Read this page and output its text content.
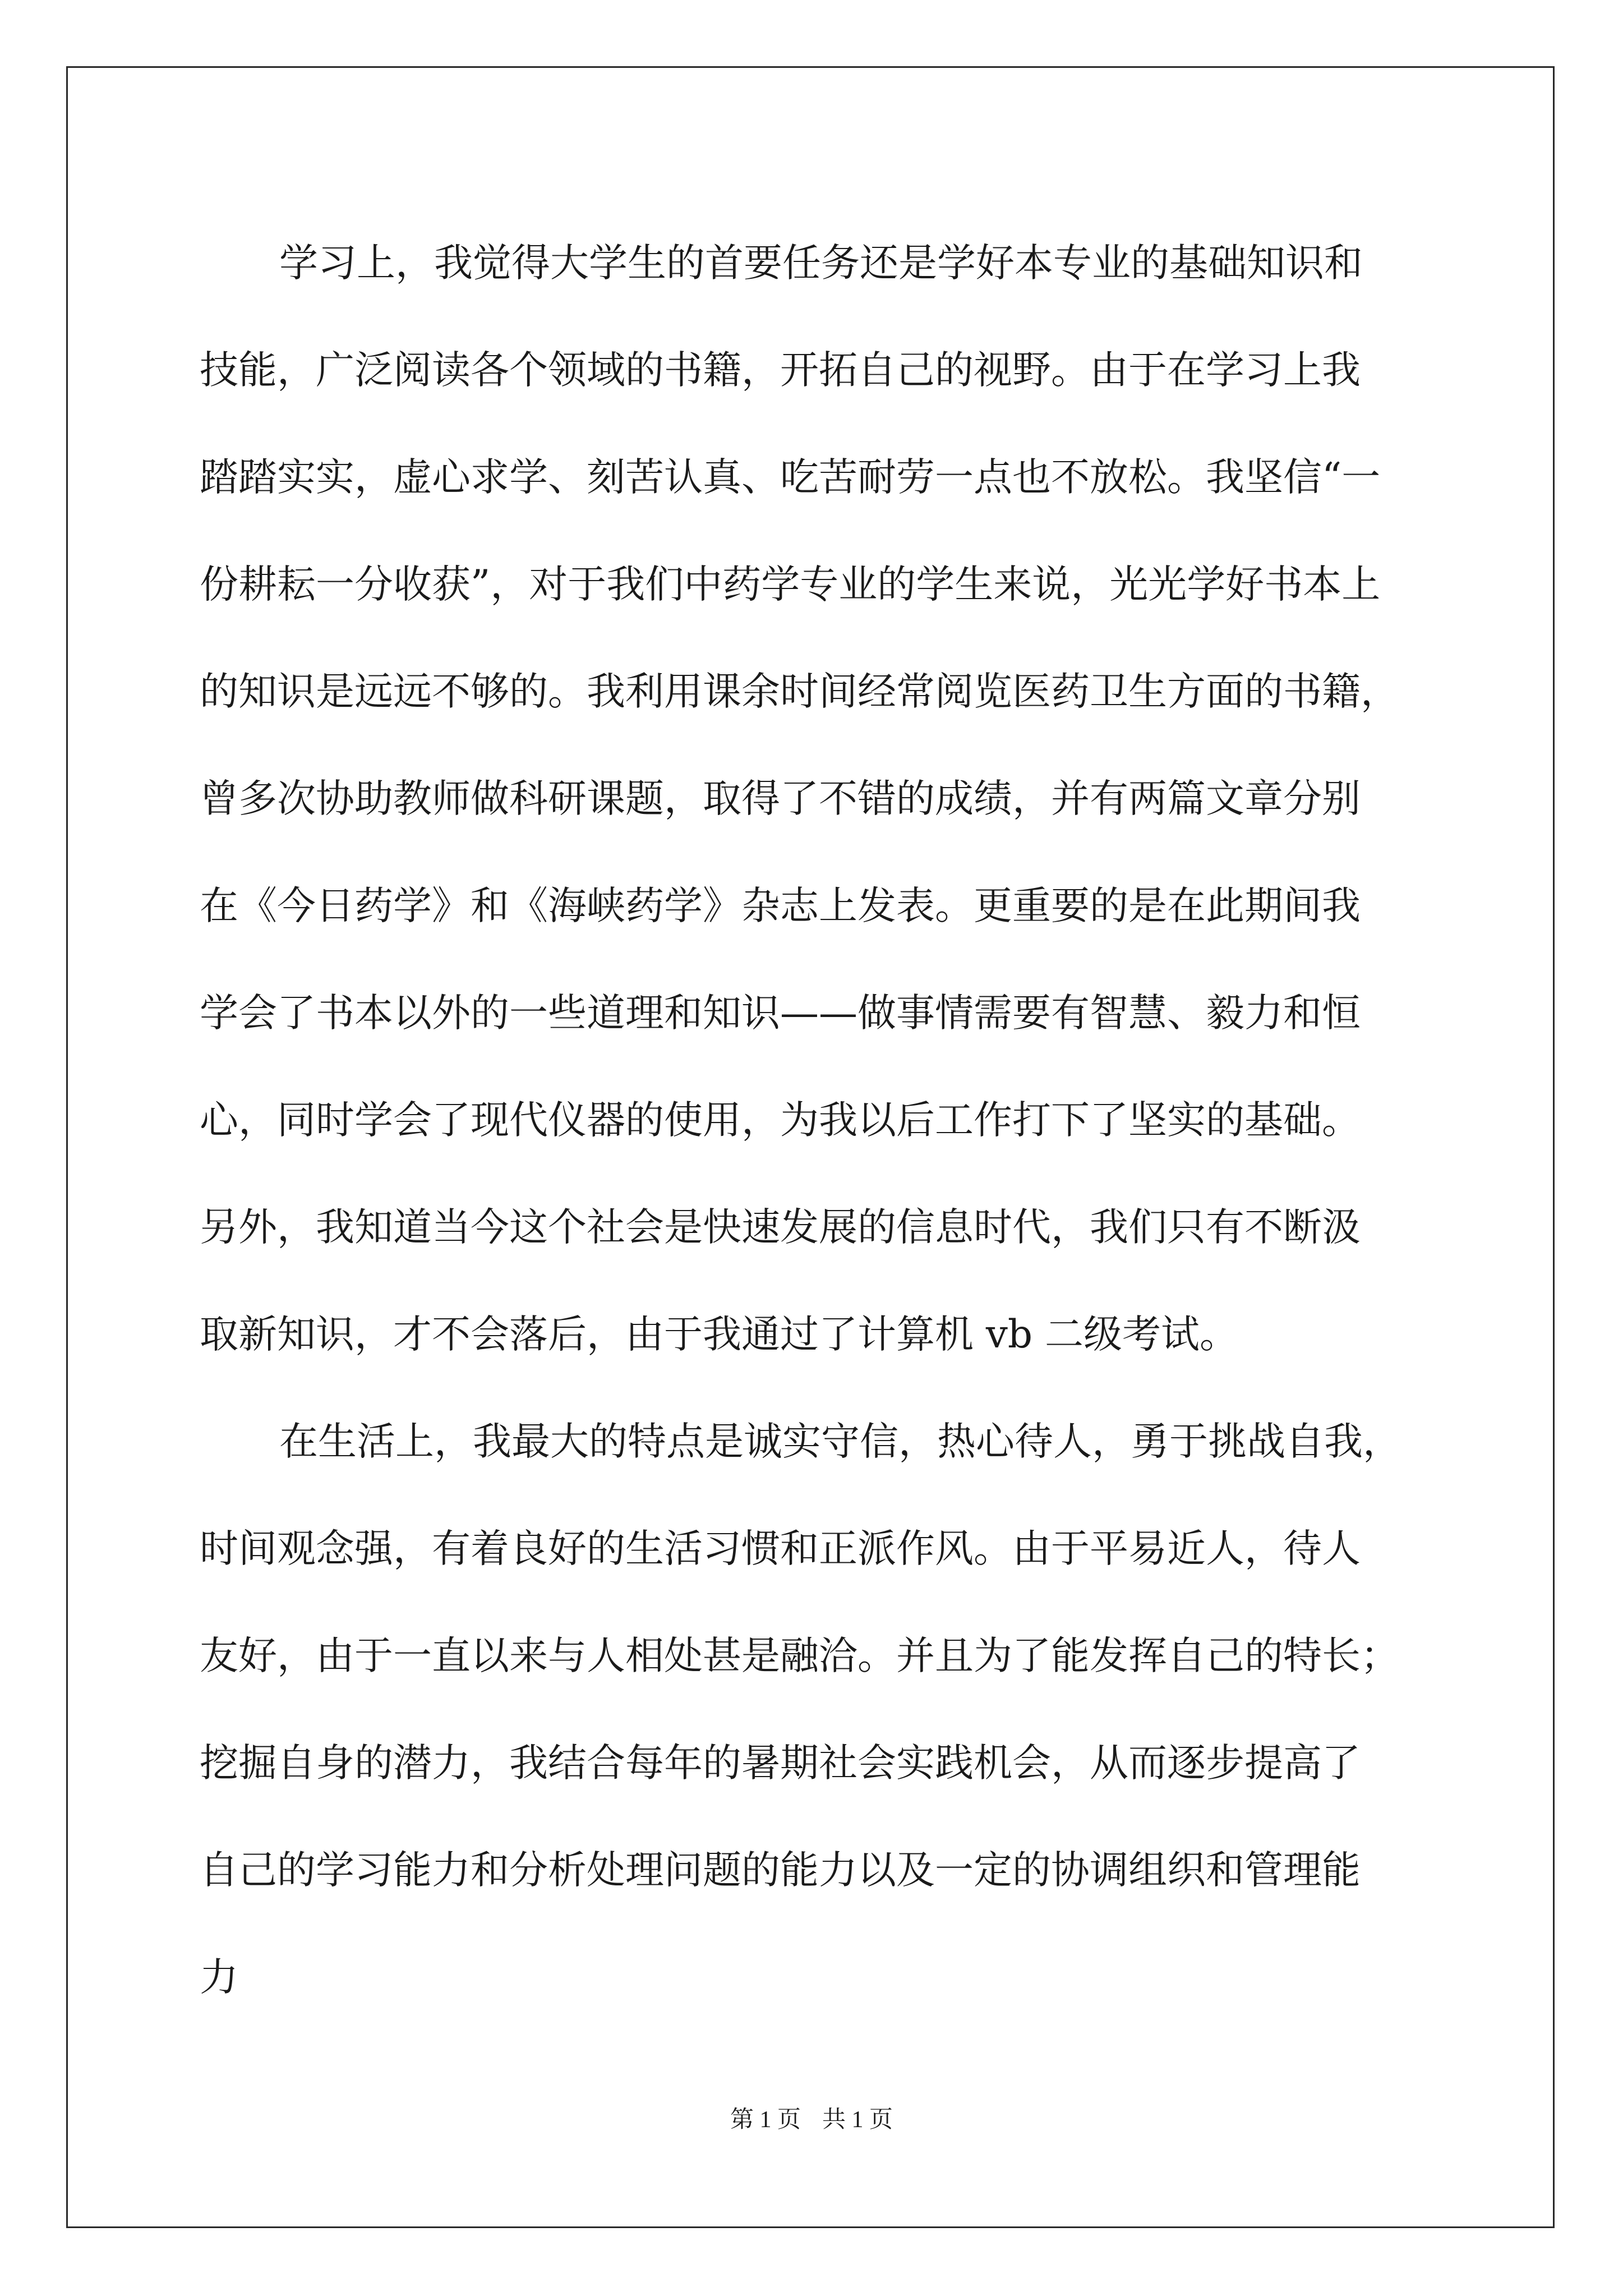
学习上，我觉得大学生的首要任务还是学好本专业的基础知识和
技能，广泛阅读各个领域的书籍，开拓自己的视野。由于在学习上我
踏踏实实，虚心求学、刻苦认真、吃苦耐劳一点也不放松。我坚信“一
份耕耘一分收获”，对于我们中药学专业的学生来说，光光学好书本上
的知识是远远不够的。我利用课余时间经常阅览医药卫生方面的书籍，
曾多次协助教师做科研课题，取得了不错的成绩，并有两篇文章分别
在《今日药学》和《海峡药学》杂志上发表。更重要的是在此期间我
学会了书本以外的一些道理和知识——做事情需要有智慧、毅力和恒
心，同时学会了现代仪器的使用，为我以后工作打下了坚实的基础。
另外，我知道当今这个社会是快速发展的信息时代，我们只有不断汲
取新知识，才不会落后，由于我通过了计算机 vb 二级考试。
在生活上，我最大的特点是诚实守信，热心待人，勇于挑战自我，
时间观念强，有着良好的生活习惯和正派作风。由于平易近人，待人
友好，由于一直以来与人相处甚是融洽。并且为了能发挥自己的特长；
挖掘自身的潜力，我结合每年的暑期社会实践机会，从而逐步提高了
自己的学习能力和分析处理问题的能力以及一定的协调组织和管理能
力
第 1 页 共 1 页
